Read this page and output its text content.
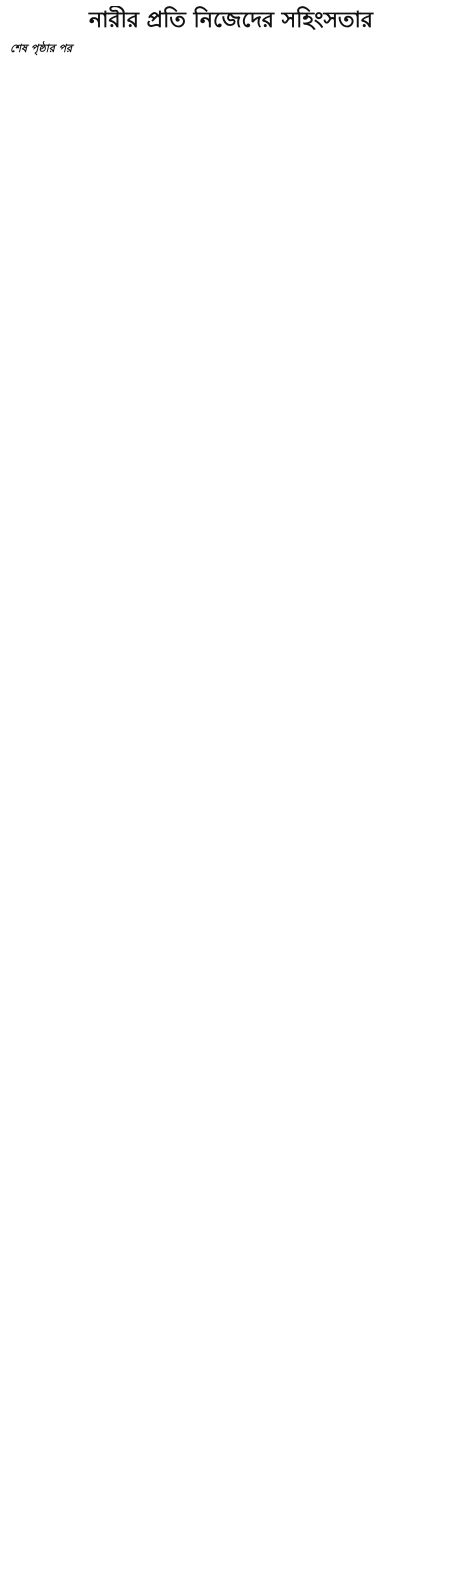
নারীর প্রতি নিজেদের সহিংসতার
শেষ পৃষ্ঠার পর
